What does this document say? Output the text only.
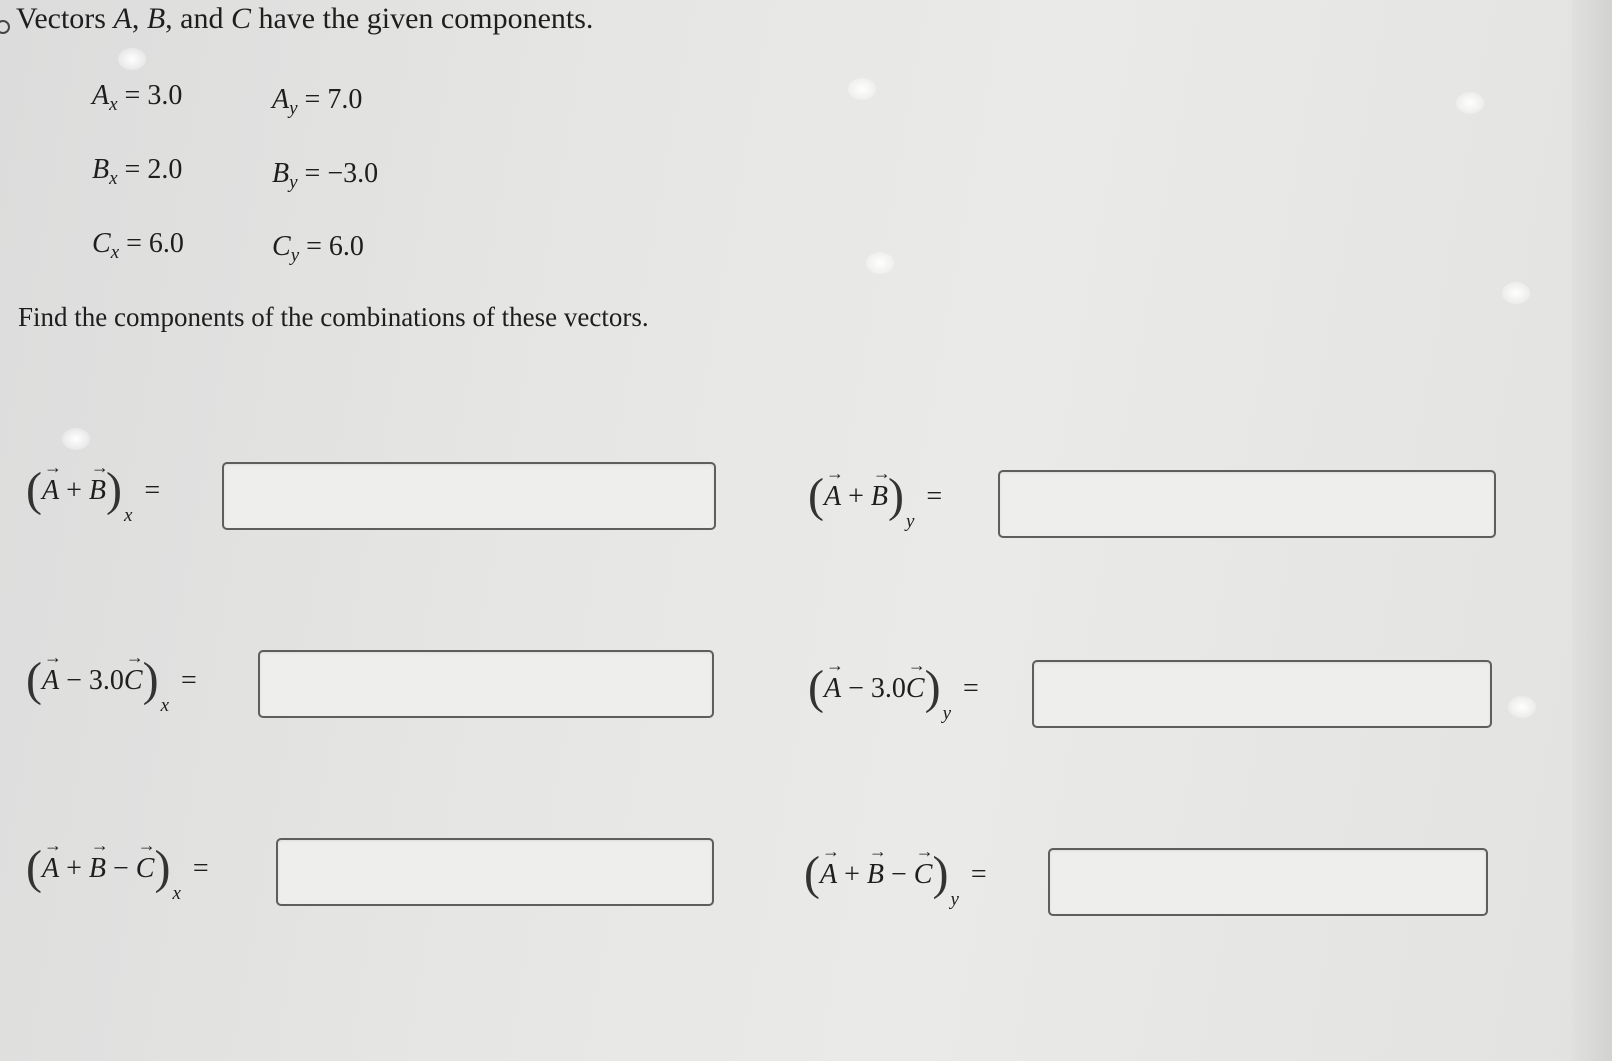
Vectors A, B, and C have the given components.
$A_x = 3.0$	$A_y = 7.0$
$B_x = 2.0$	$B_y = -3.0$
$C_x = 6.0$	$C_y = 6.0$
Find the components of the combinations of these vectors.
(→ A + → B) $_x$=	(→ A + → B) $_y$=
(→ A − 3.0→ C) $_x$=	(→ A − 3.0→ C) $_y$=
(→ A + → B − → C) $_x$=	(→ A + → B − → C) $_y$=
